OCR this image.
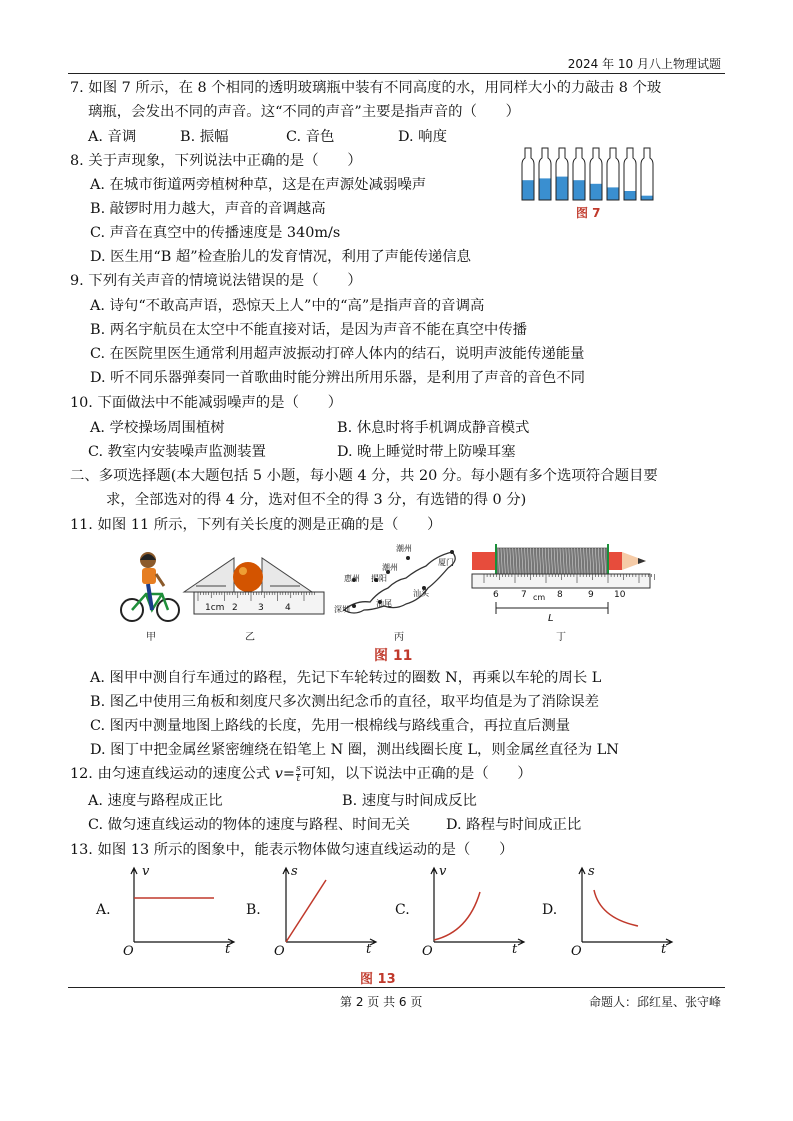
2024 年 10 月八上物理试题
7. 如图 7 所示，在 8 个相同的透明玻璃瓶中装有不同高度的水，用同样大小的力敲击 8 个玻
璃瓶，会发出不同的声音。这“不同的声音”主要是指声音的（　　）
A. 音调	B. 振幅	C. 音色	D. 响度
8. 关于声现象，下列说法中正确的是（　　）
A. 在城市街道两旁植树种草，这是在声源处减弱噪声
B. 敲锣时用力越大，声音的音调越高
C. 声音在真空中的传播速度是 340m/s
D. 医生用“B 超”检查胎儿的发育情况，利用了声能传递信息
图 7
9. 下列有关声音的情境说法错误的是（　　）
A. 诗句“不敢高声语，恐惊天上人”中的“高”是指声音的音调高
B. 两名宇航员在太空中不能直接对话，是因为声音不能在真空中传播
C. 在医院里医生通常利用超声波振动打碎人体内的结石，说明声波能传递能量
D. 听不同乐器弹奏同一首歌曲时能分辨出所用乐器，是利用了声音的音色不同
10. 下面做法中不能减弱噪声的是（　　）
A. 学校操场周围植树	B. 休息时将手机调成静音模式
C. 教室内安装噪声监测装置	D. 晚上睡觉时带上防噪耳塞
二、多项选择题(本大题包括 5 小题，每小题 4 分，共 20 分。每小题有多个选项符合题目要
求，全部选对的得 4 分，选对但不全的得 3 分，有选错的得 0 分)
11. 如图 11 所示，下列有关长度的测是正确的是（　　）
甲
1cm 2 3 4
乙
潮州
厦门
潮州
惠州 揭阳
汕头
深圳
汕尾
丙
6 7 cm 8	9 10
L
丁
图 11
A. 图甲中测自行车通过的路程，先记下车轮转过的圈数 N，再乘以车轮的周长 L
B. 图乙中使用三角板和刻度尺多次测出纪念币的直径，取平均值是为了消除误差
C. 图丙中测量地图上路线的长度，先用一根棉线与路线重合，再拉直后测量
D. 图丁中把金属丝紧密缠绕在铅笔上 N 圈，测出线圈长度 L，则金属丝直径为 LN
12. 由匀速直线运动的速度公式 $v= \frac{s}{t}$ 可知，以下说法中正确的是（　　）
A. 速度与路程成正比	B. 速度与时间成反比
C. 做匀速直线运动的物体的速度与路程、时间无关	D. 路程与时间成正比
13. 如图 13 所示的图象中，能表示物体做匀速直线运动的是（　　）
A.
v
t
O
B.
s
t
O
C.
v
t
O
D.
s
t
O
图 13
第 2 页 共 6 页	命题人：邱红星、张守峰
